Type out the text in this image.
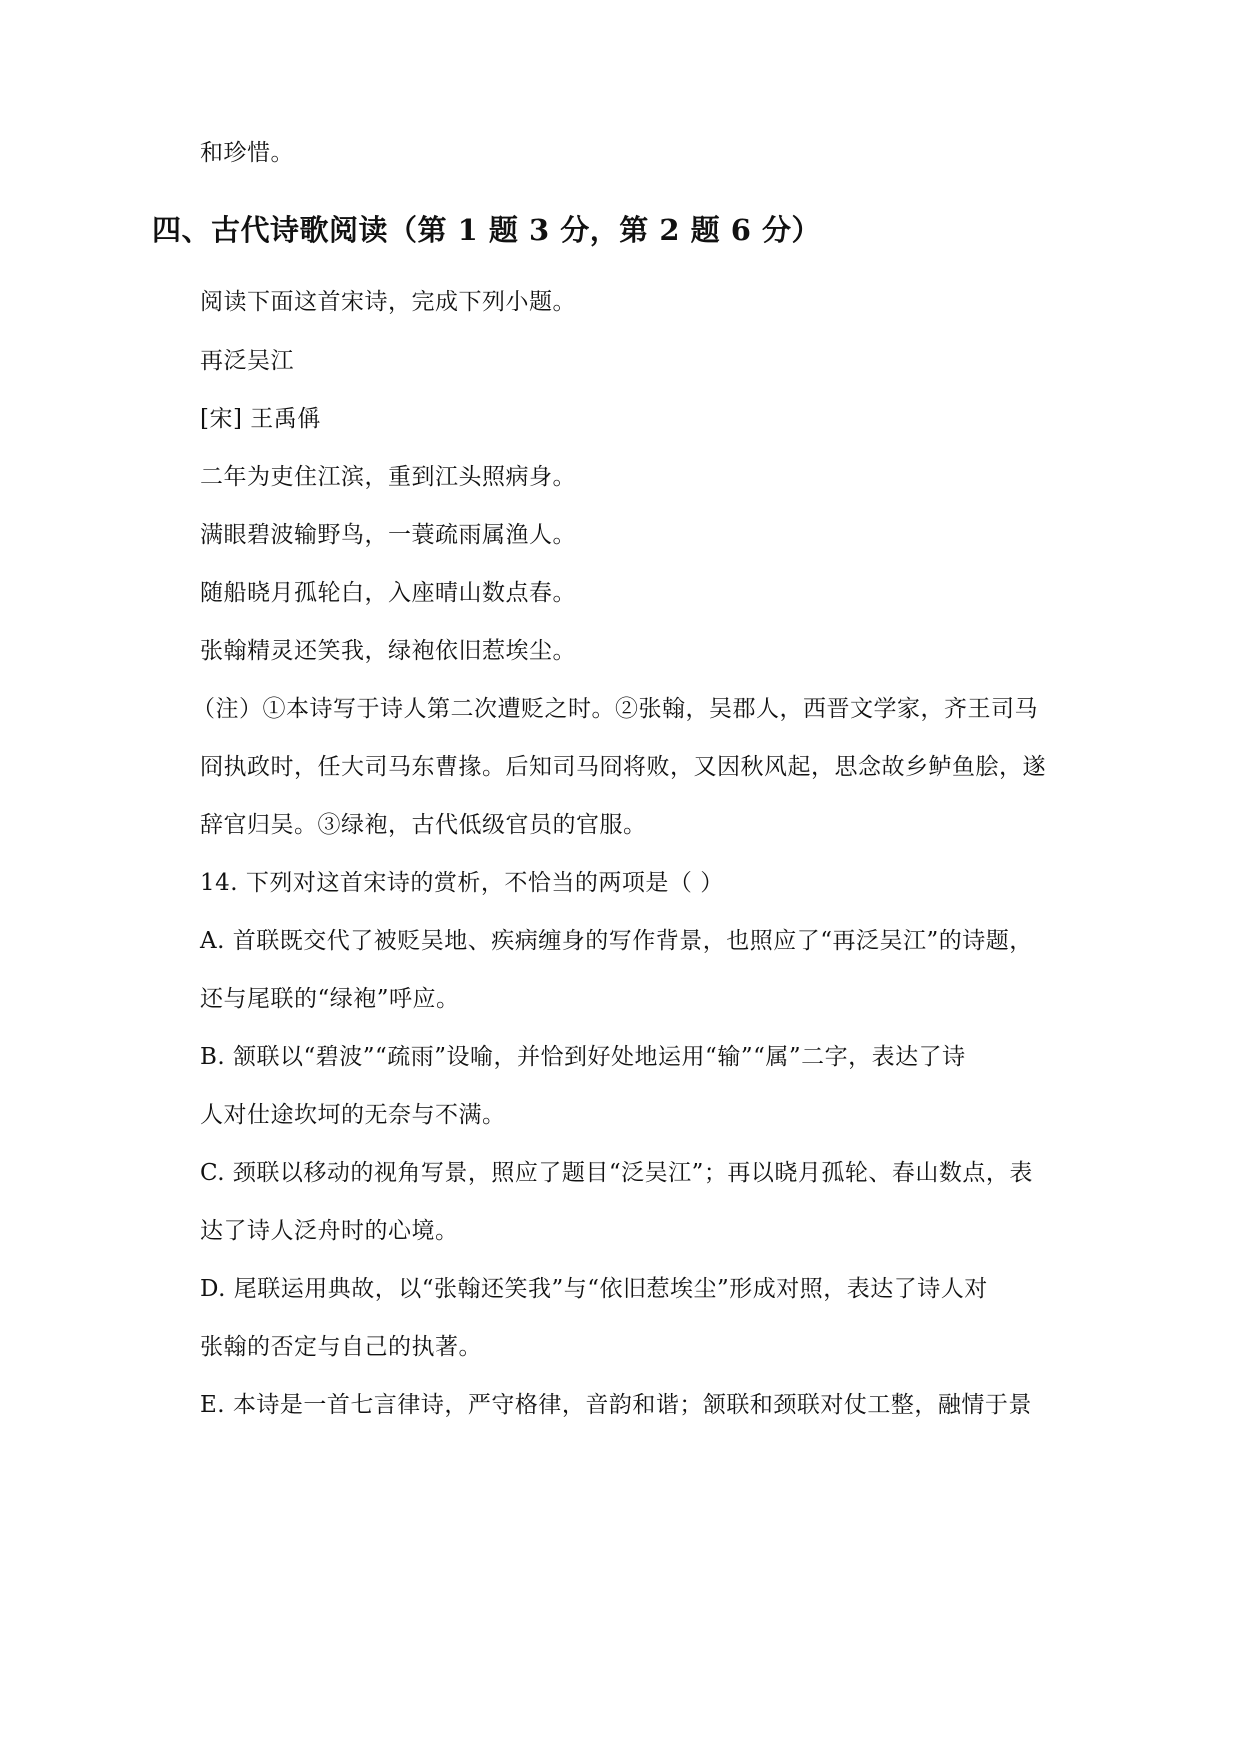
和珍惜。
四、古代诗歌阅读（第 1 题 3 分，第 2 题 6 分）
阅读下面这首宋诗，完成下列小题。
再泛吴江
[宋] 王禹偁
二年为吏住江滨，重到江头照病身。
满眼碧波输野鸟，一蓑疏雨属渔人。
随船晓月孤轮白，入座晴山数点春。
张翰精灵还笑我，绿袍依旧惹埃尘。
（注）①本诗写于诗人第二次遭贬之时。②张翰，吴郡人，西晋文学家，齐王司马
冏执政时，任大司马东曹掾。后知司马冏将败，又因秋风起，思念故乡鲈鱼脍，遂
辞官归吴。③绿袍，古代低级官员的官服。
14. 下列对这首宋诗的赏析，不恰当的两项是（ ）
A. 首联既交代了被贬吴地、疾病缠身的写作背景，也照应了“再泛吴江”的诗题，
还与尾联的“绿袍”呼应。
B. 颔联以“碧波”“疏雨”设喻，并恰到好处地运用“输”“属”二字，表达了诗
人对仕途坎坷的无奈与不满。
C. 颈联以移动的视角写景，照应了题目“泛吴江”；再以晓月孤轮、春山数点，表
达了诗人泛舟时的心境。
D. 尾联运用典故，以“张翰还笑我”与“依旧惹埃尘”形成对照，表达了诗人对
张翰的否定与自己的执著。
E. 本诗是一首七言律诗，严守格律，音韵和谐；颔联和颈联对仗工整，融情于景
